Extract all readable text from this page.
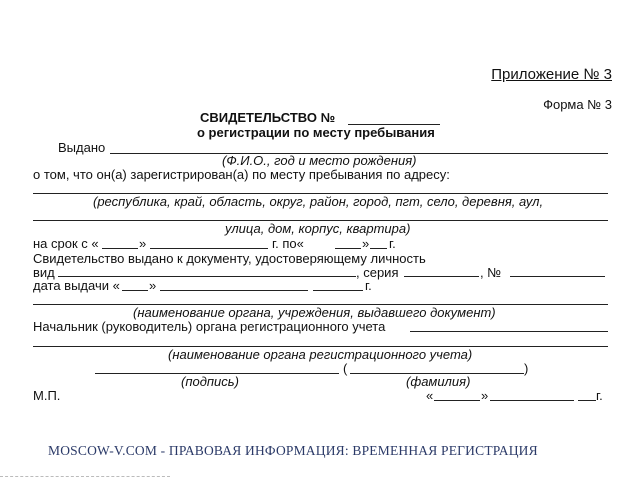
Приложение № 3
Форма № 3
СВИДЕТЕЛЬСТВО №
о регистрации по месту пребывания
Выдано
(Ф.И.О., год и место рождения)
о том, что он(а) зарегистрирован(а) по месту пребывания по адресу:
(республика, край, область, округ, район, город, пгт, село, деревня, аул,
улица, дом, корпус, квартира)
на срок с «	»	г. по«	» г.
Свидетельство выдано к документу, удостоверяющему личность
вид	, серия	, №
дата выдачи « »	г.
(наименование органа, учреждения, выдавшего документ)
Начальник (руководитель) органа регистрационного учета
(наименование органа регистрационного учета)
(	)
(подпись)	(фамилия)
М.П.	«	»	г.
MOSCOW-V.COM - ПРАВОВАЯ ИНФОРМАЦИЯ: ВРЕМЕННАЯ РЕГИСТРАЦИЯ
